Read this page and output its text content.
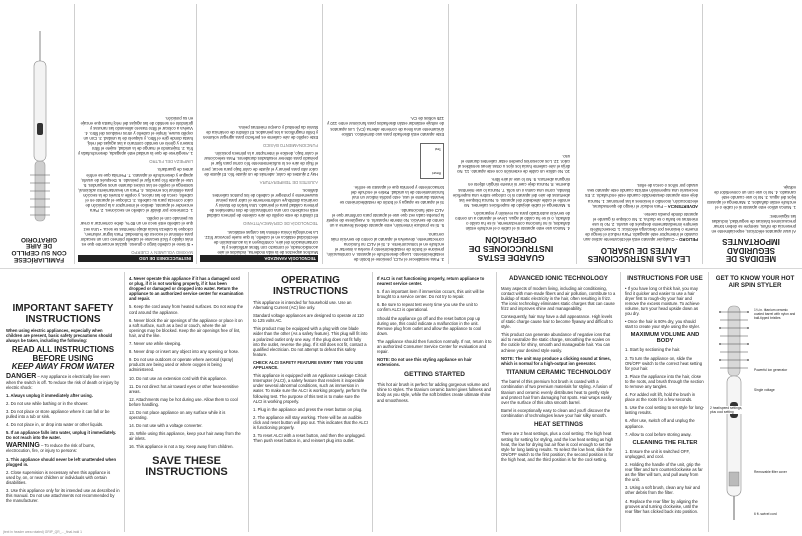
FAMILIARÍCESE CON SU CEPILLO DE AIRE GIRATORIO
INSTRUCCIONES DE USO

MÁXIMO VOLUMEN Y CUERPO

• Si tiene el cabello largo o grueso, quizás encuentre que es más rápido y fácil secarse el cabello primero con un secador para eliminar el exceso de humedad. Para lograr volumen, coloque la cabeza hacia abajo mientras se seca. • Una vez que el cabello esté seco en un 80 %, debe comenzar a crear su peinado con el cepillo.

1. Comience por dividir el cabello en secciones. 2. Para encender el aparato, deslice el interruptor a la posición de calor correcta para su cabello. 3. Coloque el aparato en el cabello, cerca de las raíces, y cepille a través de la sección para eliminar los enredos. 4. Para un levantamiento adicional, sostenga el cepillo en las raíces durante unos segundos. 5. Use el ajuste frío para fijar el peinado. 6. Después de usarlo, apague y desenchufe el aparato. 7. Permita que se enfríe antes de guardarlo.

LIMPIEZA DEL FILTRO

1. Asegúrese de que la unidad esté apagada, desenchufada y fría. 2. Sujetando el mango de la unidad, sujete el filtro trasero y gírelo en sentido contrario a las agujas del reloj, hasta donde gire el filtro, y sáquelo de la unidad. 3. Con un cepillo suave, limpie el cabello y otros residuos del filtro. 4. Vuelva a colocar el filtro trasero alineando las ranuras y girándolo en sentido de las agujas del reloj hasta que encaje en su posición.

TECNOLOGÍA AVANZADA

Muchos aspectos de la vida moderna, incluidos el aire acondicionado, el contacto con fibras artificiales y la contaminación del aire, contribuyen a la acumulación de electricidad estática en el cabello, lo que suele provocar frizz. La tecnología iónica elimina las cargas estáticas.

TECNOLOGÍA DE CERÁMICA/TITANIO

El cilindro de este cepillo de aire caliente de primera calidad está recubierto con una combinación de dos materiales de primera calidad para el peinado. Una fusión de titanio y cerámica distribuye uniformemente el calor para peinar suavemente y proteger el cabello de los puntos calientes dañinos.

AJUSTES DE TEMPERATURA

Hay 2 ajustes de calor, además de un ajuste frío. El ajuste de calor alto para peinar y el ajuste de calor bajo para secar, pero el flujo de aire es lo suficientemente frío como para fijar el peinado para obtener resultados duraderos. Para seleccionar el calor bajo, deslice el interruptor a la primera posición.

FUNCIONAMIENTO BÁSICO

Este cepillo de aire caliente es perfecto para agregar volumen y brillo magníficos a los peinados. El cilindro de cerámica de titanio da plenitud y cuerpo mientras peina.

3. Para restablecer el ALCI, presione el botón de restablecimiento. Luego desenchufe el aparato. A continuación, presione el botón de restablecimiento y vuelva a insertar el enchufe en el tomacorriente. 4. Si el ALCI no funciona correctamente, devuelva el aparato al centro de servicio más cercano.

5. Si se produce inmersión, este aparato deberá llevarse a un centro de servicio. No intente repararlo. 6. Asegúrese de repetir la prueba cada vez que use el aparato para confirmar que el ALCI esté funcionando.

Si el aparato se apaga y el botón de restablecimiento se levanta durante el uso, esto podría indicar un mal funcionamiento de la unidad. Retire el enchufe del tomacorriente y permita que el aparato se enfríe.

Reset
Test

Este aparato está diseñado para uso doméstico. Utilice únicamente una línea de corriente alterna (CA). Los aparatos de voltaje estándar están diseñados para funcionar entre 110 y 125 voltios de CA.

GUARDE ESTAS INSTRUCCIONES DE OPERACIÓN

4. Nunca use este aparato si el cable o el enchufe están dañados, si no funciona correctamente, si se ha caído o dañado, o si se ha caído al agua. Lleve el aparato a un centro de servicio autorizado para su revisión y reparación.

5. Mantenga el cable alejado de superficies calientes. No enrolle el cable alrededor del aparato. 6. Nunca bloquee las aberturas de aire del aparato ni lo coloque sobre una superficie blanda, como una cama o un sofá. 7. Nunca lo use mientras duerme. 8. Nunca deje caer ni inserte ningún objeto en ninguna abertura. 9. No lo use al aire libre.

10. No utilice un cable de extensión con este aparato. 11. No dirija el aire caliente hacia los ojos u otras áreas sensibles al calor. 12. Los accesorios pueden estar calientes durante el uso.

LEA LAS INSTRUCCIONES ANTES DE USARLO

PELIGRO – Cualquier aparato está eléctricamente activo aun cuando el interruptor esté apagado. Para reducir el riesgo de muerte o lesiones por descarga eléctrica: 1. Desenchúfelo siempre inmediatamente después de usarlo. 2. No lo use mientras se baña o se ducha. 3. No coloque ni guarde el aparato donde pueda caerse.

ADVERTENCIA – Para reducir el riesgo de quemaduras, electrocución, incendio o lesiones a las personas: 1. Nunca deje este aparato desatendido cuando esté enchufado. 2. Es necesario una supervisión estricta cuando este aparato sea usado por niños o cerca de ellos.

MEDIDAS DE SEGURIDAD IMPORTANTES

Al usar aparatos eléctricos, especialmente en presencia de niños, siempre se deben tomar precauciones básicas de seguridad, incluidas las siguientes:

1. Nunca utilice este aparato si el cable o el enchufe están dañados. 2. Mantenga el aparato lejos del agua. 3. No lo use cuando esté cansado. 4. No lo use con un convertidor de voltaje.

IMPORTANT SAFETY INSTRUCTIONS

When using electric appliances, especially when children are present, basic safety precautions should always be taken, including the following:

READ ALL INSTRUCTIONS BEFORE USING
KEEP AWAY FROM WATER

DANGER – Any appliance is electrically live even when the switch is off. To reduce the risk of death or injury by electric shock:

1. Always unplug it immediately after using.

2. Do not use while bathing or in the shower.

3. Do not place or store appliance where it can fall or be pulled into a tub or sink.

4. Do not place in, or drop into water or other liquids.

5. If an appliance falls into water, unplug it immediately. Do not reach into the water.

WARNING – To reduce the risk of burns, electrocution, fire, or injury to persons:

1. This appliance should never be left unattended when plugged in.

2. Close supervision is necessary when this appliance is used by, on, or near children or individuals with certain disabilities.

3. Use this appliance only for its intended use as described in this manual. Do not use attachments not recommended by the manufacturer.

4. Never operate this appliance if it has a damaged cord or plug, if it is not working properly, if it has been dropped or damaged or dropped into water. Return the appliance to an authorized service center for examination and repair.

5. Keep the cord away from heated surfaces. Do not wrap the cord around the appliance.

6. Never block the air openings of the appliance or place it on a soft surface, such as a bed or couch, where the air openings may be blocked. Keep the air openings free of lint, hair, and the like.

7. Never use while sleeping.

8. Never drop or insert any object into any opening or hose.

9. Do not use outdoors or operate where aerosol (spray) products are being used or where oxygen is being administered.

10. Do not use an extension cord with this appliance.

11. Do not direct hot air toward eyes or other heat-sensitive areas.

12. Attachments may be hot during use. Allow them to cool before handling.

13. Do not place appliance on any surface while it is operating.

14. Do not use with a voltage converter.

15. While using this appliance, keep your hair away from the air inlets.

16. This appliance is not a toy. Keep away from children.

SAVE THESE INSTRUCTIONS
OPERATING INSTRUCTIONS

This appliance is intended for household use. Use an Alternating Current (AC) line only.

Standard voltage appliances are designed to operate at 110 to 125 volts AC.

This product may be equipped with a plug with one blade wider than the other (As a safety feature). This plug will fit into a polarized outlet only one way. If the plug does not fit fully into the outlet, reverse the plug. If it still does not fit, contact a qualified electrician. Do not attempt to defeat this safety feature.

CHECK ALCI SAFETY FEATURE EVERY TIME YOU USE APPLIANCE.

This appliance is equipped with an Appliance Leakage Circuit Interrupter (ALCI), a safety feature that renders it inoperable under several abnormal conditions, such as immersion in water. To make sure the ALCI is working properly, perform the following test. The purpose of this test is to make sure the ALCI is working properly.

1. Plug in the appliance and press the reset button on plug.

2. The appliance will stay working. There will be an audible click and reset button will pop out. This indicates that the ALCI is functioning properly.

3. To reset ALCI with a reset button, and then the unplugged. Then push reset button in, and reinsert plug into outlet.

If ALCI is not functioning properly, return appliance to nearest service center.

5. If an important item if immersion occurs, this unit will be brought to a service center. Do not try to repair.

6. Be sure to repeat test every time you use the unit to confirm ALCI is operational.

Should the appliance go off and the reset button pop up during use, this could indicate a malfunction in the unit. Remove plug from outlet and allow the appliance to cool down.

The appliance should then function normally. If not, return it to an authorized Consumer Service Center for evaluation and repair.

NOTE: Do not use this styling appliance on hair extensions.

GETTING STARTED

This hot air brush is perfect for adding gorgeous volume and shine to styles. The titanium ceramic barrel gives fullness and body as you style, while the soft bristles create ultimate shine and smoothness.

ADVANCED IONIC TECHNOLOGY

Many aspects of modern living, including air conditioning, contact with man-made fibers and air pollution, contribute to a buildup of static electricity in the hair, often resulting in frizz. The ionic technology eliminates static charges that can cause frizz and improves shine and manageability.

Consequently, hair may have a dull appearance. High levels of static charge cause hair to become flyaway and difficult to style.

This product can generate abundance of negative ions that aid to neutralize the static charge, smoothing the scales on the cuticle for shiny, smooth and manageable hair. You can achieve your desired style easily.

NOTE: The unit may produce a clicking sound at times, which is normal for a high-output ion generator.

TITANIUM CERAMIC TECHNOLOGY

The barrel of this premium hot brush is coated with a combination of two premium materials for styling. A fusion of titanium and ceramic evenly distributes heat to gently style and protect hair from damaging hot spots. Hair wraps easily over the surface of this ultra smooth barrel.

Barrel is exceptionally easy to clean and you'll discover the combination of technologies leave your hair silky smooth.

HEAT SETTINGS

There are 2 heat settings, plus a cool setting. The high heat setting for setting for styling, and the low heat setting as high heat, the low for drying but air flow is cool enough to set the style for long lasting results. To select the low heat, slide the ON/OFF switch to the first position; the second position is for the high heat, and the third position is for the cool setting.

INSTRUCTIONS FOR USE

• If you have long or thick hair, you may find it quicker and easier to use a hair dryer first to rough-dry your hair and remove the excess moisture. To achieve volume, turn your head upside down as you dry.

• Once the hair is 80% dry, you should start to create your style using the styler.

MAXIMUM VOLUME AND BODY

1. Start by sectioning the hair.

2. To turn the appliance on, slide the ON/OFF switch to the correct heat setting for your hair.

3. Place the appliance into the hair, close to the roots, and brush through the section to remove any tangles.

4. For added volt lift, hold the brush in place at the roots for a few seconds.

5. Use the cool setting to set style for long-lasting results.

6. After use, switch off and unplug the appliance.

7. Allow to cool before storing away.

CLEANING THE FILTER

1. Ensure the unit is switched OFF, unplugged, and cool.

2. Holding the handle of the unit, grip the rear filter and turn counterclockwise as far as the filter will turn, and pull away from the unit.

3. Using a soft brush, clean any hair and other debris from the filter.

4. Replace the rear filter by aligning the grooves and turning clockwise, until the rear filter has clicked back into position.

GET TO KNOW YOUR HOT AIR SPIN STYLER
1¼ in. titanium ceramic coated barrel with nylon and ball-tipped bristles
Powerful ion generator
Single voltage
2 heat/speed settings, plus cool setting
Removable filter cover
6 ft. swivel cord
(text in header area rotated) GRIP_QR_..._final.indd 1
